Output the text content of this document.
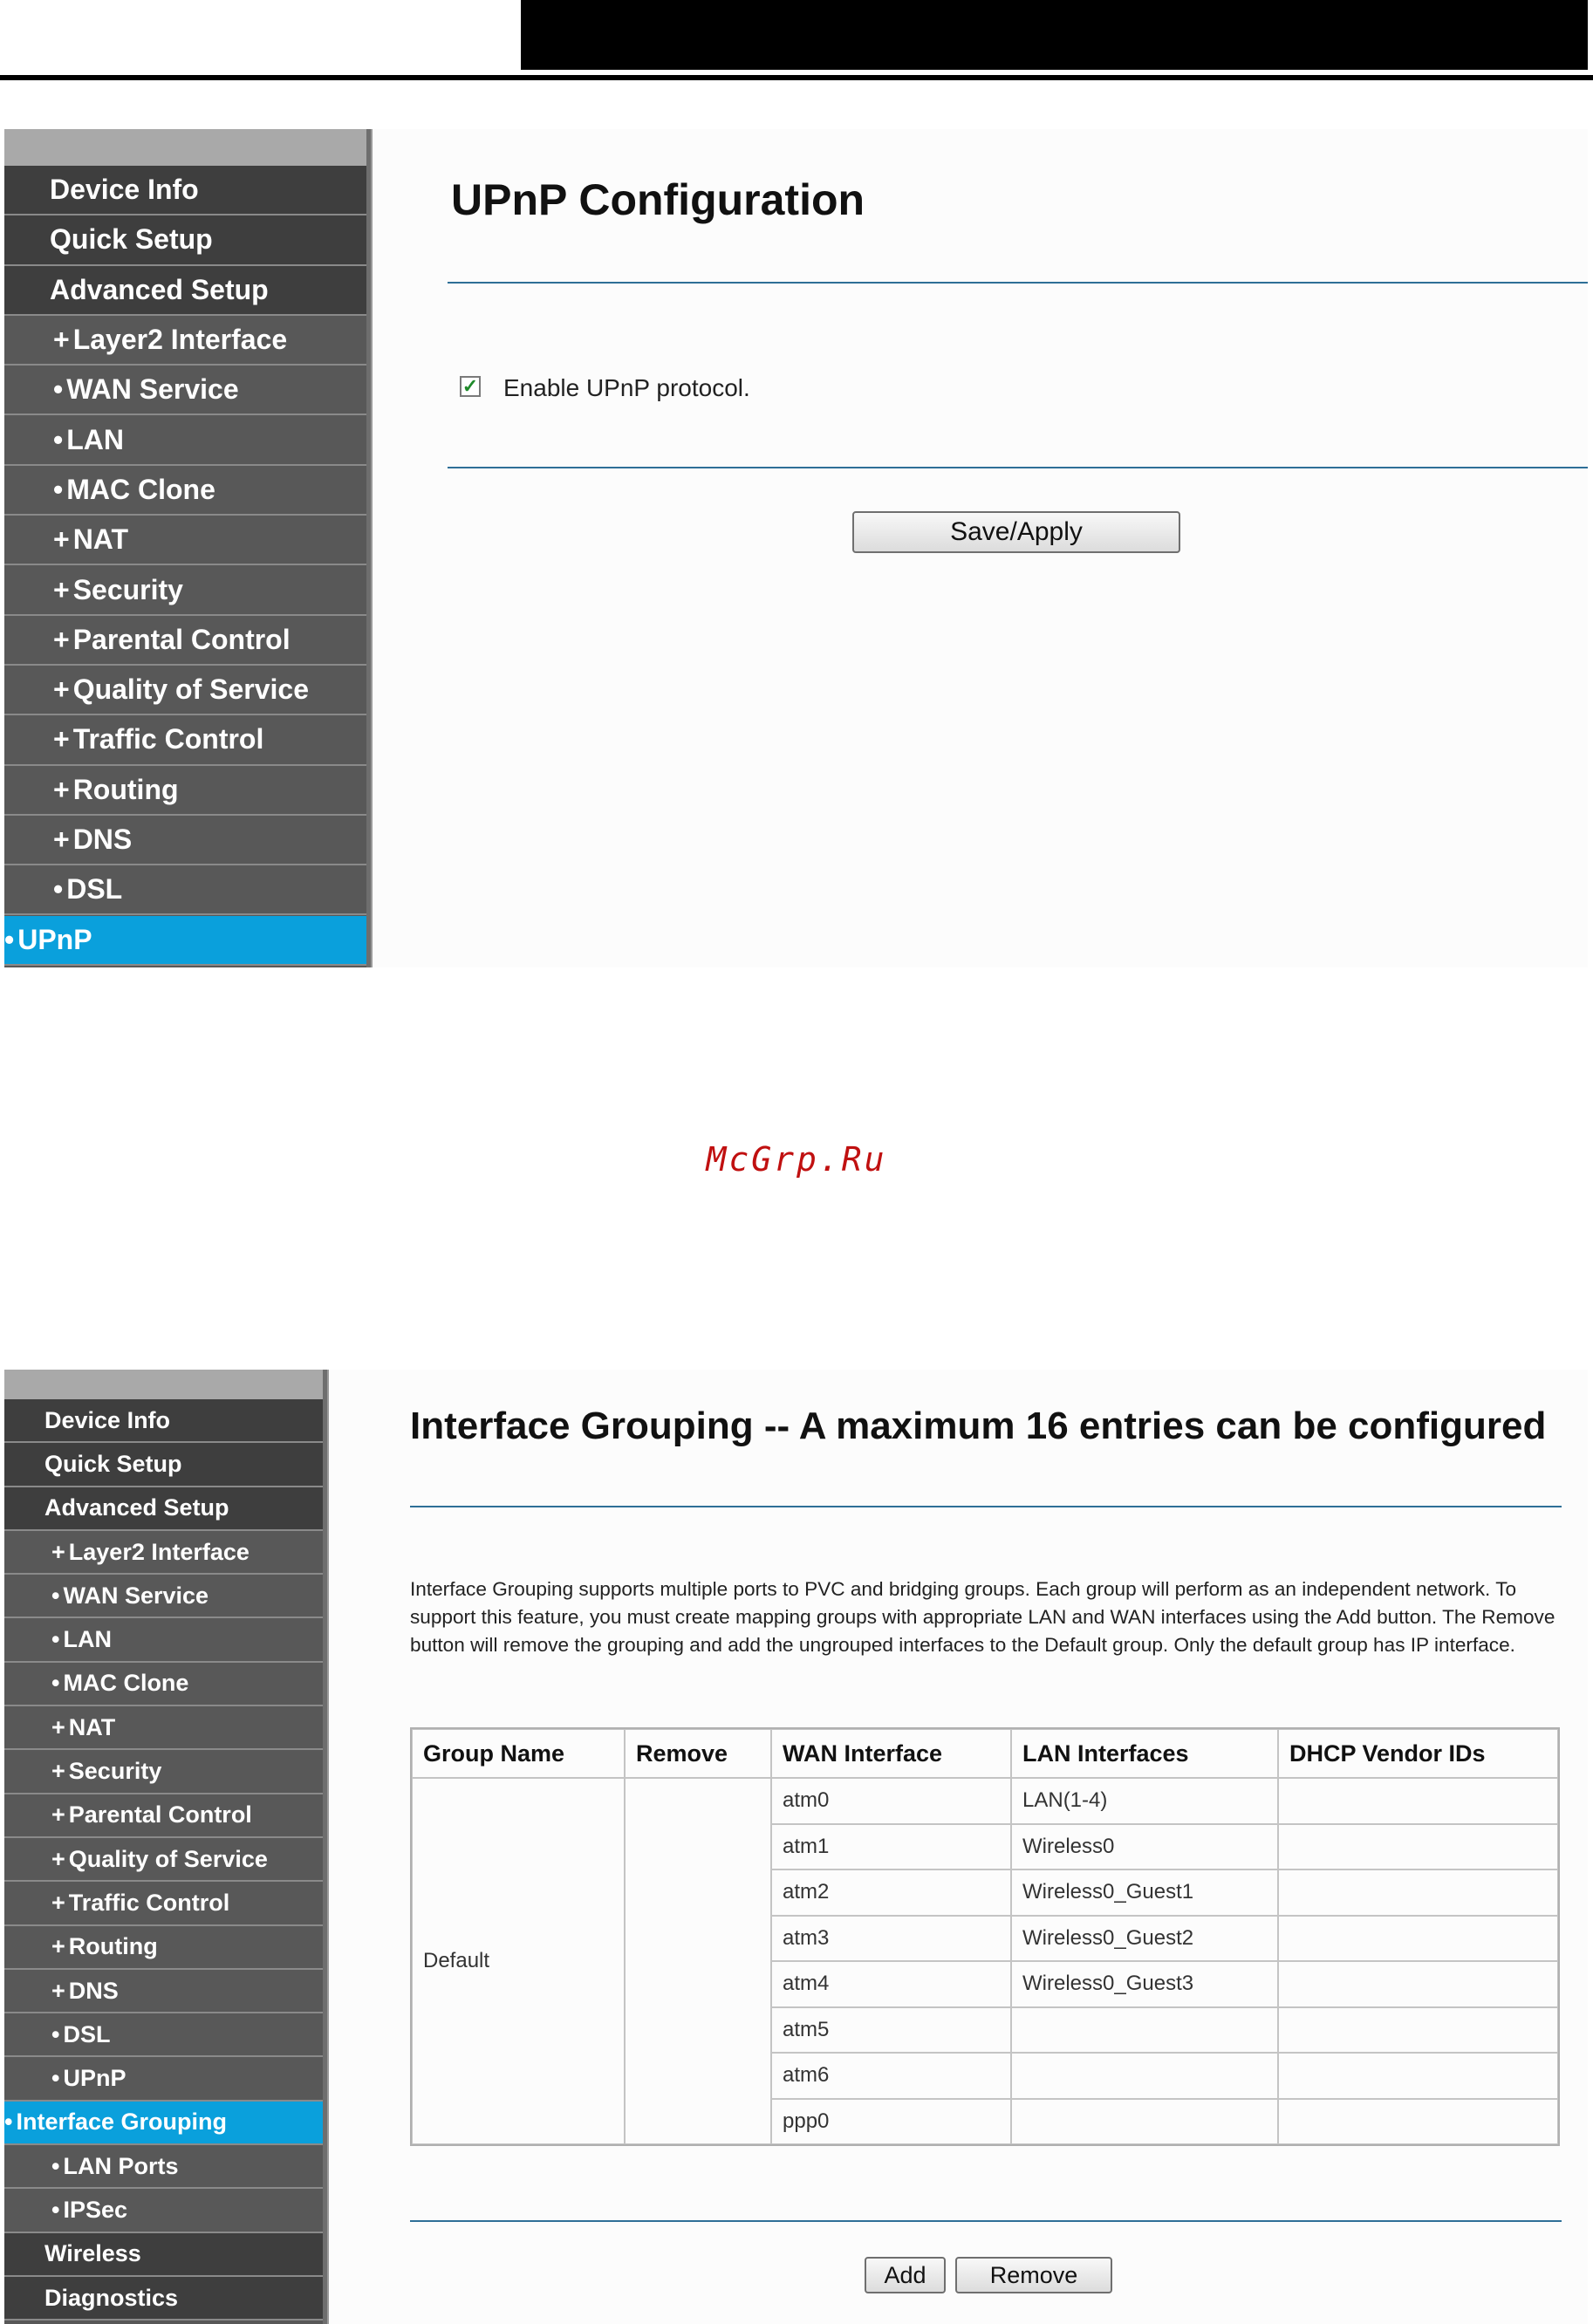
Device Info
Quick Setup
Advanced Setup
+ Layer2 Interface
• WAN Service
• LAN
• MAC Clone
+ NAT
+ Security
+ Parental Control
+ Quality of Service
+ Traffic Control
+ Routing
+ DNS
• DSL
• UPnP
UPnP Configuration
✓ Enable UPnP protocol.
Save/Apply
McGrp.Ru
Device Info
Quick Setup
Advanced Setup
+ Layer2 Interface
• WAN Service
• LAN
• MAC Clone
+ NAT
+ Security
+ Parental Control
+ Quality of Service
+ Traffic Control
+ Routing
+ DNS
• DSL
• UPnP
• Interface Grouping
• LAN Ports
• IPSec
Wireless
Diagnostics
Interface Grouping -- A maximum 16 entries can be configured
Interface Grouping supports multiple ports to PVC and bridging groups. Each group will perform as an independent network. To support this feature, you must create mapping groups with appropriate LAN and WAN interfaces using the Add button. The Remove button will remove the grouping and add the ungrouped interfaces to the Default group. Only the default group has IP interface.
Group Name	Remove	WAN Interface	LAN Interfaces	DHCP Vendor IDs
Default		atm0	LAN(1-4)	
		atm1	Wireless0	
		atm2	Wireless0_Guest1	
		atm3	Wireless0_Guest2	
		atm4	Wireless0_Guest3	
		atm5		
		atm6		
		ppp0		
Add	Remove
